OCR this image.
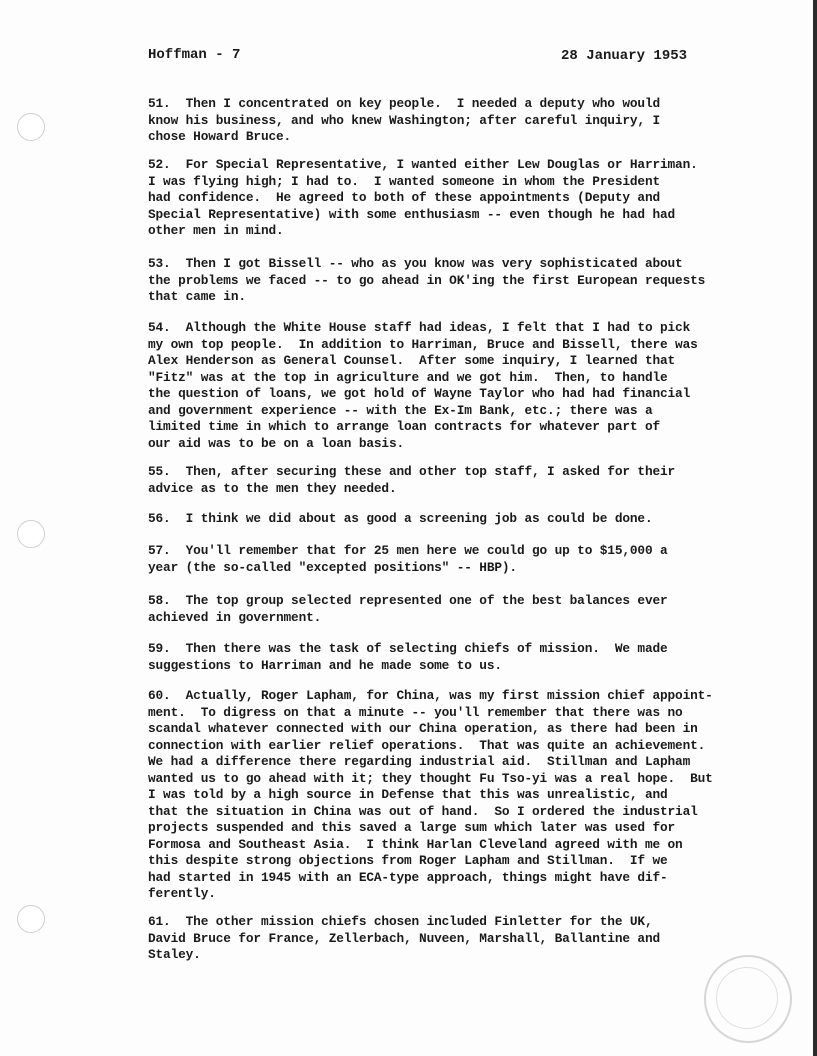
Hoffman - 7	28 January 1953
51.  Then I concentrated on key people.  I needed a deputy who would
know his business, and who knew Washington; after careful inquiry, I
chose Howard Bruce.
52.  For Special Representative, I wanted either Lew Douglas or Harriman.
I was flying high; I had to.  I wanted someone in whom the President
had confidence.  He agreed to both of these appointments (Deputy and
Special Representative) with some enthusiasm -- even though he had had
other men in mind.
53.  Then I got Bissell -- who as you know was very sophisticated about
the problems we faced -- to go ahead in OK'ing the first European requests
that came in.
54.  Although the White House staff had ideas, I felt that I had to pick
my own top people.  In addition to Harriman, Bruce and Bissell, there was
Alex Henderson as General Counsel.  After some inquiry, I learned that
"Fitz" was at the top in agriculture and we got him.  Then, to handle
the question of loans, we got hold of Wayne Taylor who had had financial
and government experience -- with the Ex-Im Bank, etc.; there was a
limited time in which to arrange loan contracts for whatever part of
our aid was to be on a loan basis.
55.  Then, after securing these and other top staff, I asked for their
advice as to the men they needed.
56.  I think we did about as good a screening job as could be done.
57.  You'll remember that for 25 men here we could go up to $15,000 a
year (the so-called "excepted positions" -- HBP).
58.  The top group selected represented one of the best balances ever
achieved in government.
59.  Then there was the task of selecting chiefs of mission.  We made
suggestions to Harriman and he made some to us.
60.  Actually, Roger Lapham, for China, was my first mission chief appoint-
ment.  To digress on that a minute -- you'll remember that there was no
scandal whatever connected with our China operation, as there had been in
connection with earlier relief operations.  That was quite an achievement.
We had a difference there regarding industrial aid.  Stillman and Lapham
wanted us to go ahead with it; they thought Fu Tso-yi was a real hope.  But
I was told by a high source in Defense that this was unrealistic, and
that the situation in China was out of hand.  So I ordered the industrial
projects suspended and this saved a large sum which later was used for
Formosa and Southeast Asia.  I think Harlan Cleveland agreed with me on
this despite strong objections from Roger Lapham and Stillman.  If we
had started in 1945 with an ECA-type approach, things might have dif-
ferently.
61.  The other mission chiefs chosen included Finletter for the UK,
David Bruce for France, Zellerbach, Nuveen, Marshall, Ballantine and
Staley.
